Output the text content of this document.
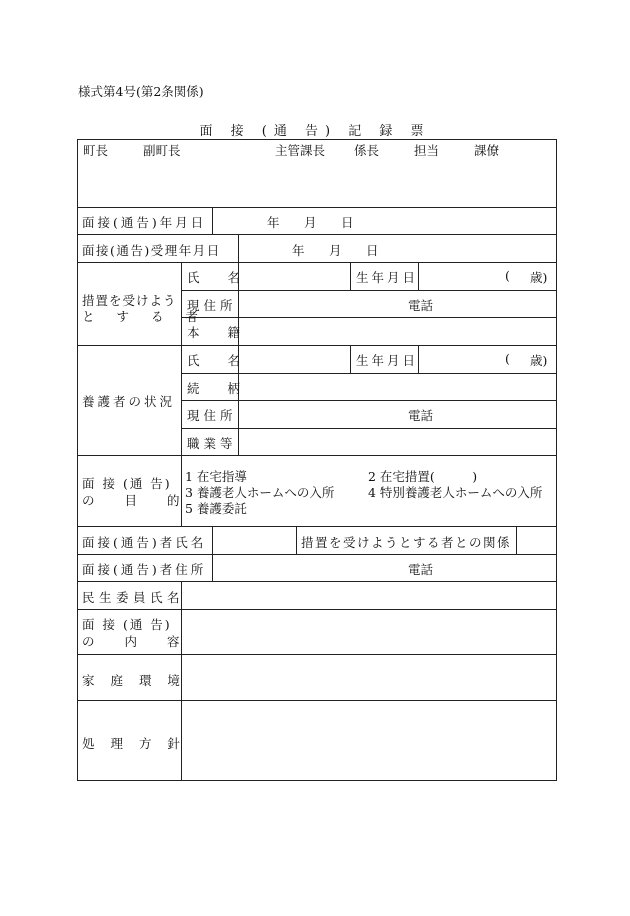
様式第4号(第2条関係)
面 接 (通 告) 記 録 票
町長	副町長	主管課長 係長	担当	課僚
面接(通告)年月日	年 月 日
面接(通告)受理年月日	年 月 日
措置を受けよう
と す る 者
氏 名	生年月日	( 歳)
現住所	電話
本 籍
養護者の状況
氏 名	生年月日	( 歳)
続 柄
現住所	電話
職業等
面 接 (通 告)
の 目 的
1 在宅指導	2 在宅措置(　　　)
3 養護老人ホームへの入所	4 特別養護老人ホームへの入所
5 養護委託
面接(通告)者氏名	措置を受けようとする者との関係
面接(通告)者住所	電話
民生委員氏名
面 接 (通 告)
の 内 容
家 庭 環 境
処 理 方 針
